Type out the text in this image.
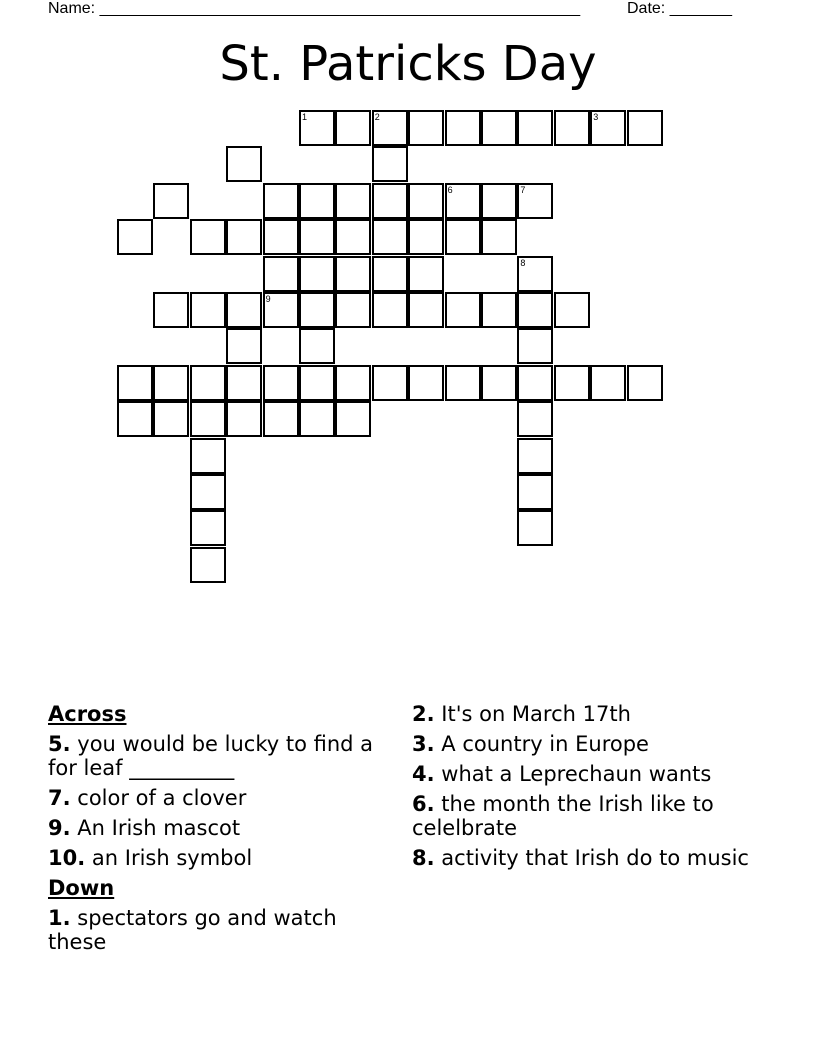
Name: ______________________________________________________	Date: _______
St. Patricks Day
9
1	2	3
6	7
8
Across
5. you would be lucky to find a for leaf __________
7. color of a clover
9. An Irish mascot
10. an Irish symbol
Down
1. spectators go and watch these
2. It's on March 17th
3. A country in Europe
4. what a Leprechaun wants
6. the month the Irish like to celelbrate
8. activity that Irish do to music
